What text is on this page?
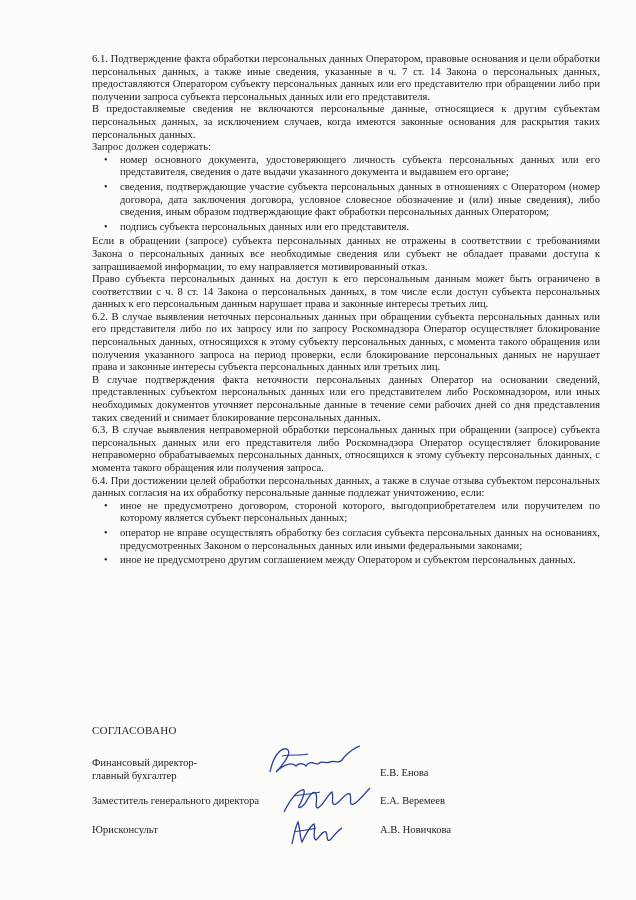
6.1. Подтверждение факта обработки персональных данных Оператором, правовые основания и цели обработки персональных данных, а также иные сведения, указанные в ч. 7 ст. 14 Закона о персональных данных, предоставляются Оператором субъекту персональных данных или его представителю при обращении либо при получении запроса субъекта персональных данных или его представителя.

В предоставляемые сведения не включаются персональные данные, относящиеся к другим субъектам персональных данных, за исключением случаев, когда имеются законные основания для раскрытия таких персональных данных.

Запрос должен содержать:

• номер основного документа, удостоверяющего личность субъекта персональных данных или его представителя, сведения о дате выдачи указанного документа и выдавшем его органе;
• сведения, подтверждающие участие субъекта персональных данных в отношениях с Оператором (номер договора, дата заключения договора, условное словесное обозначение и (или) иные сведения), либо сведения, иным образом подтверждающие факт обработки персональных данных Оператором;
• подпись субъекта персональных данных или его представителя.

Если в обращении (запросе) субъекта персональных данных не отражены в соответствии с требованиями Закона о персональных данных все необходимые сведения или субъект не обладает правами доступа к запрашиваемой информации, то ему направляется мотивированный отказ.

Право субъекта персональных данных на доступ к его персональным данным может быть ограничено в соответствии с ч. 8 ст. 14 Закона о персональных данных, в том числе если доступ субъекта персональных данных к его персональным данным нарушает права и законные интересы третьих лиц.

6.2. В случае выявления неточных персональных данных при обращении субъекта персональных данных или его представителя либо по их запросу или по запросу Роскомнадзора Оператор осуществляет блокирование персональных данных, относящихся к этому субъекту персональных данных, с момента такого обращения или получения указанного запроса на период проверки, если блокирование персональных данных не нарушает права и законные интересы субъекта персональных данных или третьих лиц.

В случае подтверждения факта неточности персональных данных Оператор на основании сведений, представленных субъектом персональных данных или его представителем либо Роскомнадзором, или иных необходимых документов уточняет персональные данные в течение семи рабочих дней со дня представления таких сведений и снимает блокирование персональных данных.

6.3. В случае выявления неправомерной обработки персональных данных при обращении (запросе) субъекта персональных данных или его представителя либо Роскомнадзора Оператор осуществляет блокирование неправомерно обрабатываемых персональных данных, относящихся к этому субъекту персональных данных, с момента такого обращения или получения запроса.

6.4. При достижении целей обработки персональных данных, а также в случае отзыва субъектом персональных данных согласия на их обработку персональные данные подлежат уничтожению, если:

• иное не предусмотрено договором, стороной которого, выгодоприобретателем или поручителем по которому является субъект персональных данных;
• оператор не вправе осуществлять обработку без согласия субъекта персональных данных на основаниях, предусмотренных Законом о персональных данных или иными федеральными законами;
• иное не предусмотрено другим соглашением между Оператором и субъектом персональных данных.
СОГЛАСОВАНО
Финансовый директор-
главный бухгалтер	Е.В. Енова
Заместитель генерального директора	Е.А. Веремеев
Юрисконсульт	А.В. Новичкова
